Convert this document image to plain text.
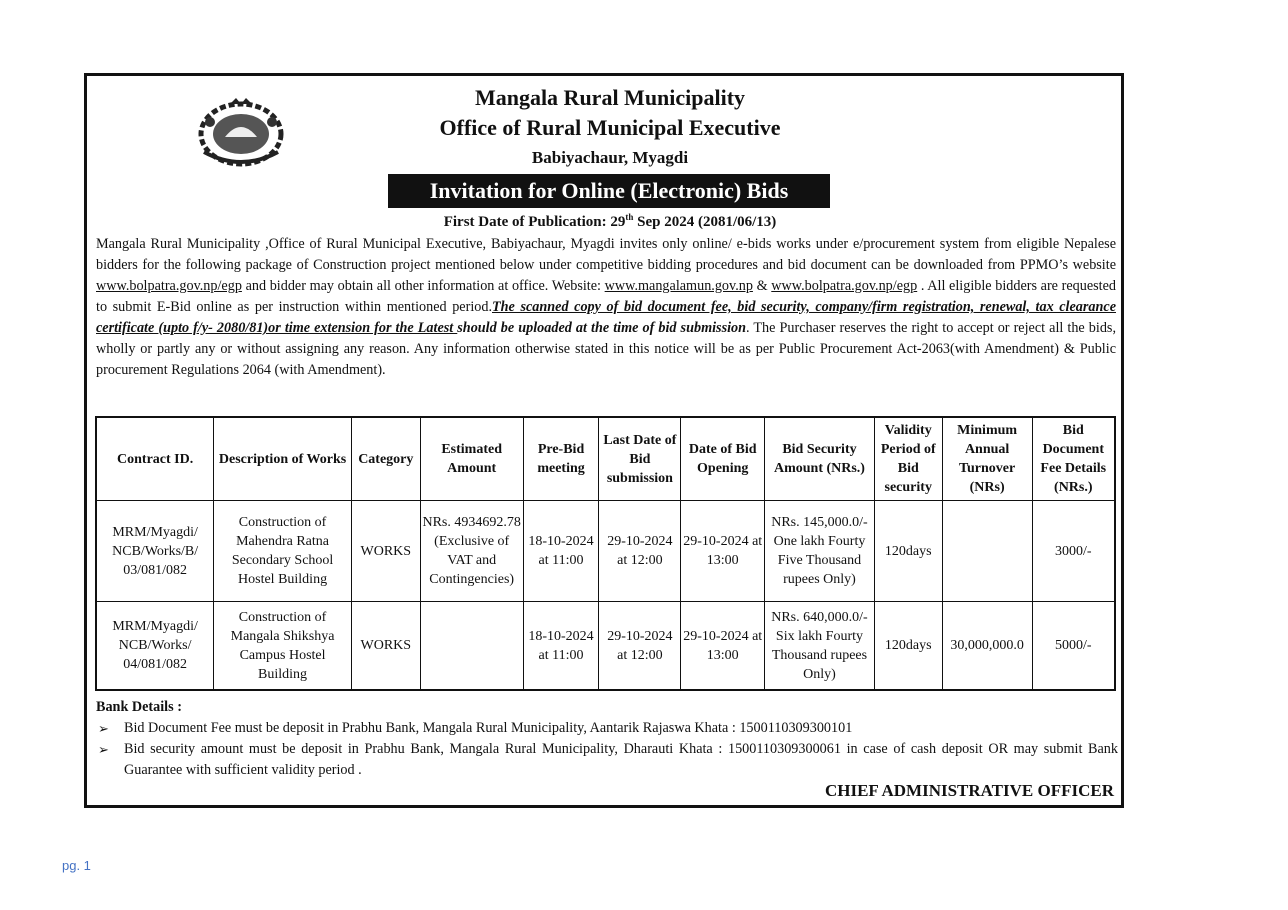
Mangala Rural Municipality
Office of Rural Municipal Executive
Babiyachaur, Myagdi
Invitation for Online (Electronic) Bids
First Date of Publication: 29th Sep 2024 (2081/06/13)
Mangala Rural Municipality ,Office of Rural Municipal Executive, Babiyachaur, Myagdi invites only online/ e-bids works under e/procurement system from eligible Nepalese bidders for the following package of Construction project mentioned below under competitive bidding procedures and bid document can be downloaded from PPMO’s website www.bolpatra.gov.np/egp and bidder may obtain all other information at office. Website: www.mangalamun.gov.np & www.bolpatra.gov.np/egp . All eligible bidders are requested to submit E-Bid online as per instruction within mentioned period.The scanned copy of bid document fee, bid security, company/firm registration, renewal, tax clearance certificate (upto f/y- 2080/81)or time extension for the Latest should be uploaded at the time of bid submission. The Purchaser reserves the right to accept or reject all the bids, wholly or partly any or without assigning any reason. Any information otherwise stated in this notice will be as per Public Procurement Act-2063(with Amendment) & Public procurement Regulations 2064 (with Amendment).
Contract ID.	Description of Works	Category	Estimated Amount	Pre-Bid meeting	Last Date of Bid submission	Date of Bid Opening	Bid Security Amount (NRs.)	Validity Period of Bid security	Minimum Annual Turnover (NRs)	Bid Document Fee Details (NRs.)
MRM/Myagdi/ NCB/Works/B/ 03/081/082	Construction of Mahendra Ratna Secondary School Hostel Building	WORKS	NRs. 4934692.78 (Exclusive of VAT and Contingencies)	18-10-2024 at 11:00	29-10-2024 at 12:00	29-10-2024 at 13:00	NRs. 145,000.0/- One lakh Fourty Five Thousand rupees Only)	120days		3000/-
MRM/Myagdi/ NCB/Works/ 04/081/082	Construction of Mangala Shikshya Campus Hostel Building	WORKS		18-10-2024 at 11:00	29-10-2024 at 12:00	29-10-2024 at 13:00	NRs. 640,000.0/- Six lakh Fourty Thousand rupees Only)	120days	30,000,000.0	5000/-
Bank Details :
➢ Bid Document Fee must be deposit in Prabhu Bank, Mangala Rural Municipality, Aantarik Rajaswa Khata : 1500110309300101
➢ Bid security amount must be deposit in Prabhu Bank, Mangala Rural Municipality, Dharauti Khata : 1500110309300061 in case of cash deposit OR may submit Bank Guarantee with sufficient validity period .
CHIEF ADMINISTRATIVE OFFICER
pg. 1
